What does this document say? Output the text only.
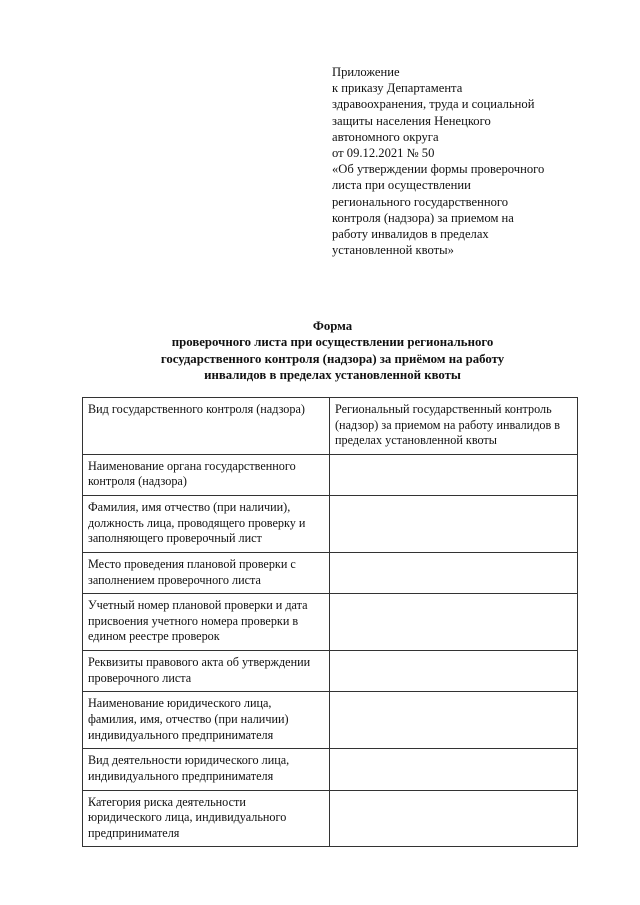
Приложение
к приказу Департамента
здравоохранения, труда и социальной
защиты населения Ненецкого
автономного округа
от 09.12.2021 № 50
«Об утверждении формы проверочного
листа при осуществлении
регионального государственного
контроля (надзора) за приемом на
работу инвалидов в пределах
установленной квоты»
Форма
проверочного листа при осуществлении регионального
государственного контроля (надзора) за приёмом на работу
инвалидов в пределах установленной квоты
Вид государственного контроля (надзора)	Региональный государственный контроль
(надзор) за приемом на работу инвалидов в
пределах установленной квоты

Наименование органа государственного
контроля (надзора)	

Фамилия, имя отчество (при наличии),
должность лица, проводящего проверку и
заполняющего проверочный лист	

Место проведения плановой проверки с
заполнением проверочного листа	

Учетный номер плановой проверки и дата
присвоения учетного номера проверки в
едином реестре проверок	

Реквизиты правового акта об утверждении
проверочного листа	

Наименование юридического лица,
фамилия, имя, отчество (при наличии)
индивидуального предпринимателя	

Вид деятельности юридического лица,
индивидуального предпринимателя	

Категория риска деятельности
юридического лица, индивидуального
предпринимателя	
